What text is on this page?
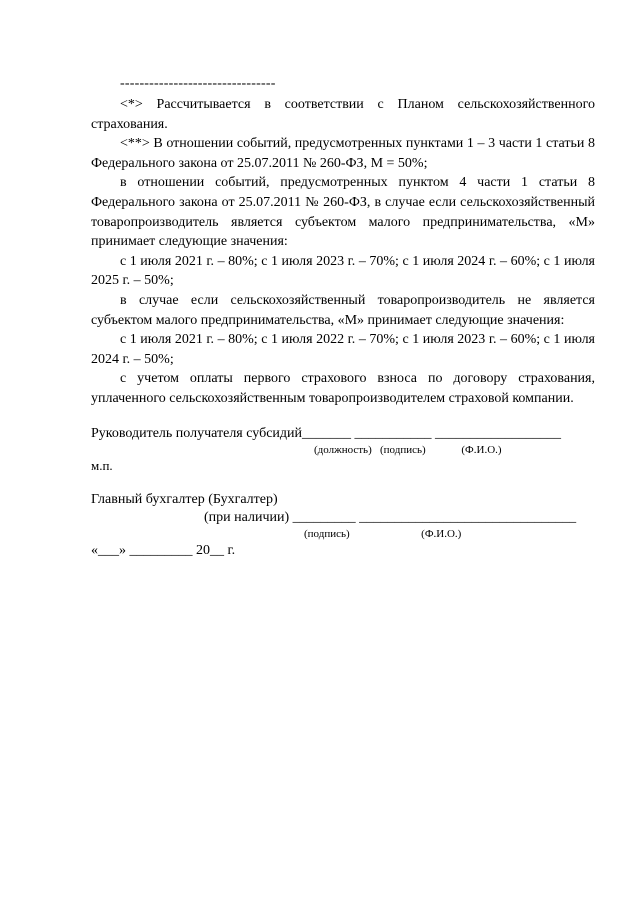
--------------------------------

<*> Рассчитывается в соответствии с Планом сельскохозяйственного страхования.

<**> В отношении событий, предусмотренных пунктами 1 – 3 части 1 статьи 8 Федерального закона от 25.07.2011 № 260-ФЗ, М = 50%;

в отношении событий, предусмотренных пунктом 4 части 1 статьи 8 Федерального закона от 25.07.2011 № 260-ФЗ, в случае если сельскохозяйственный товаропроизводитель является субъектом малого предпринимательства, «М» принимает следующие значения:

с 1 июля 2021 г. – 80%; с 1 июля 2023 г. – 70%; с 1 июля 2024 г. – 60%; с 1 июля 2025 г. – 50%;

в случае если сельскохозяйственный товаропроизводитель не является субъектом малого предпринимательства, «М» принимает следующие значения:

с 1 июля 2021 г. – 80%; с 1 июля 2022 г. – 70%; с 1 июля 2023 г. – 60%; с 1 июля 2024 г. – 50%;

с учетом оплаты первого страхового взноса по договору страхования, уплаченного сельскохозяйственным товаропроизводителем страховой компании.

Руководитель получателя субсидий_______ ___________ __________________
(должность)   (подпись)             (Ф.И.О.)
м.п.
Главный бухгалтер (Бухгалтер)
(при наличии) _________ _______________________________
(подпись)                          (Ф.И.О.)
«___» _________ 20__ г.
